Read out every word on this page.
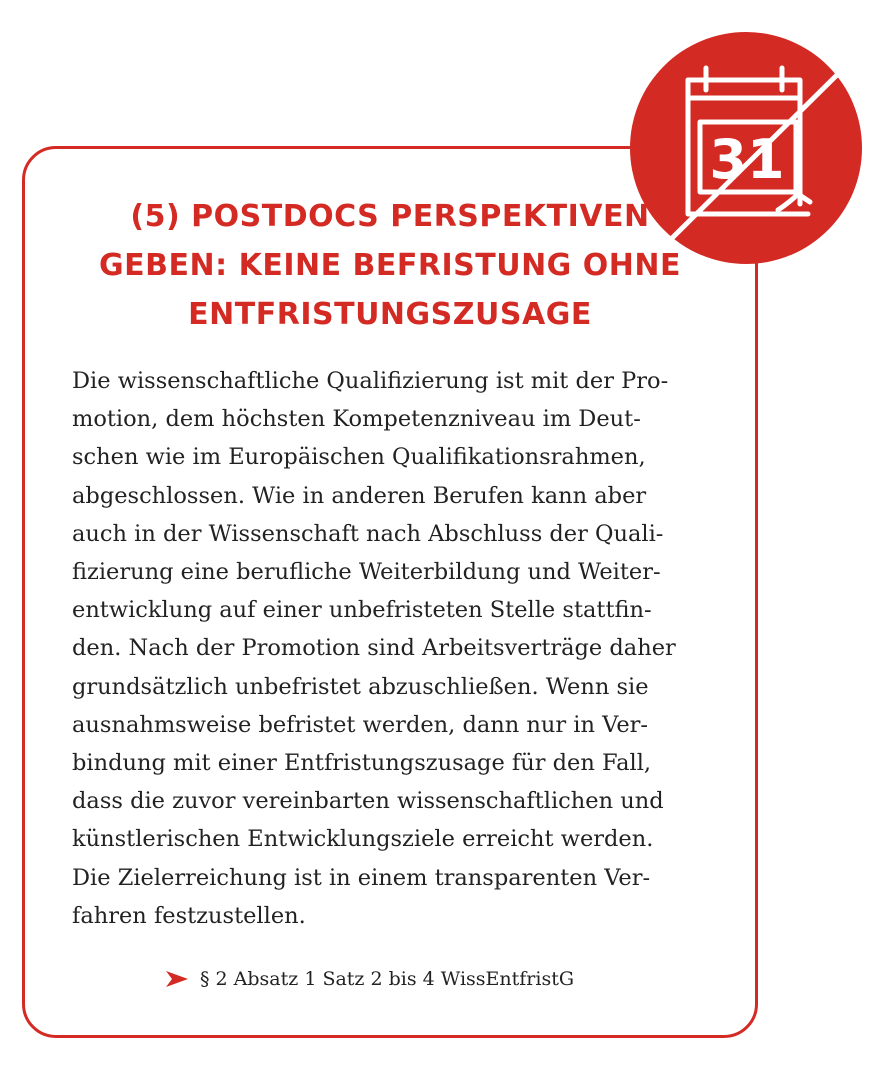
31
(5) POSTDOCS PERSPEKTIVEN
GEBEN: KEINE BEFRISTUNG OHNE
ENTFRISTUNGSZUSAGE
Die wissenschaftliche Qualifizierung ist mit der Pro-
motion, dem höchsten Kompetenzniveau im Deut-
schen wie im Europäischen Qualifikationsrahmen,
abgeschlossen. Wie in anderen Berufen kann aber
auch in der Wissenschaft nach Abschluss der Quali-
fizierung eine berufliche Weiterbildung und Weiter-
entwicklung auf einer unbefristeten Stelle stattfin-
den. Nach der Promotion sind Arbeitsverträge daher
grundsätzlich unbefristet abzuschließen. Wenn sie
ausnahmsweise befristet werden, dann nur in Ver-
bindung mit einer Entfristungszusage für den Fall,
dass die zuvor vereinbarten wissenschaftlichen und
künstlerischen Entwicklungsziele erreicht werden.
Die Zielerreichung ist in einem transparenten Ver-
fahren festzustellen.
§ 2 Absatz 1 Satz 2 bis 4 WissEntfristG
